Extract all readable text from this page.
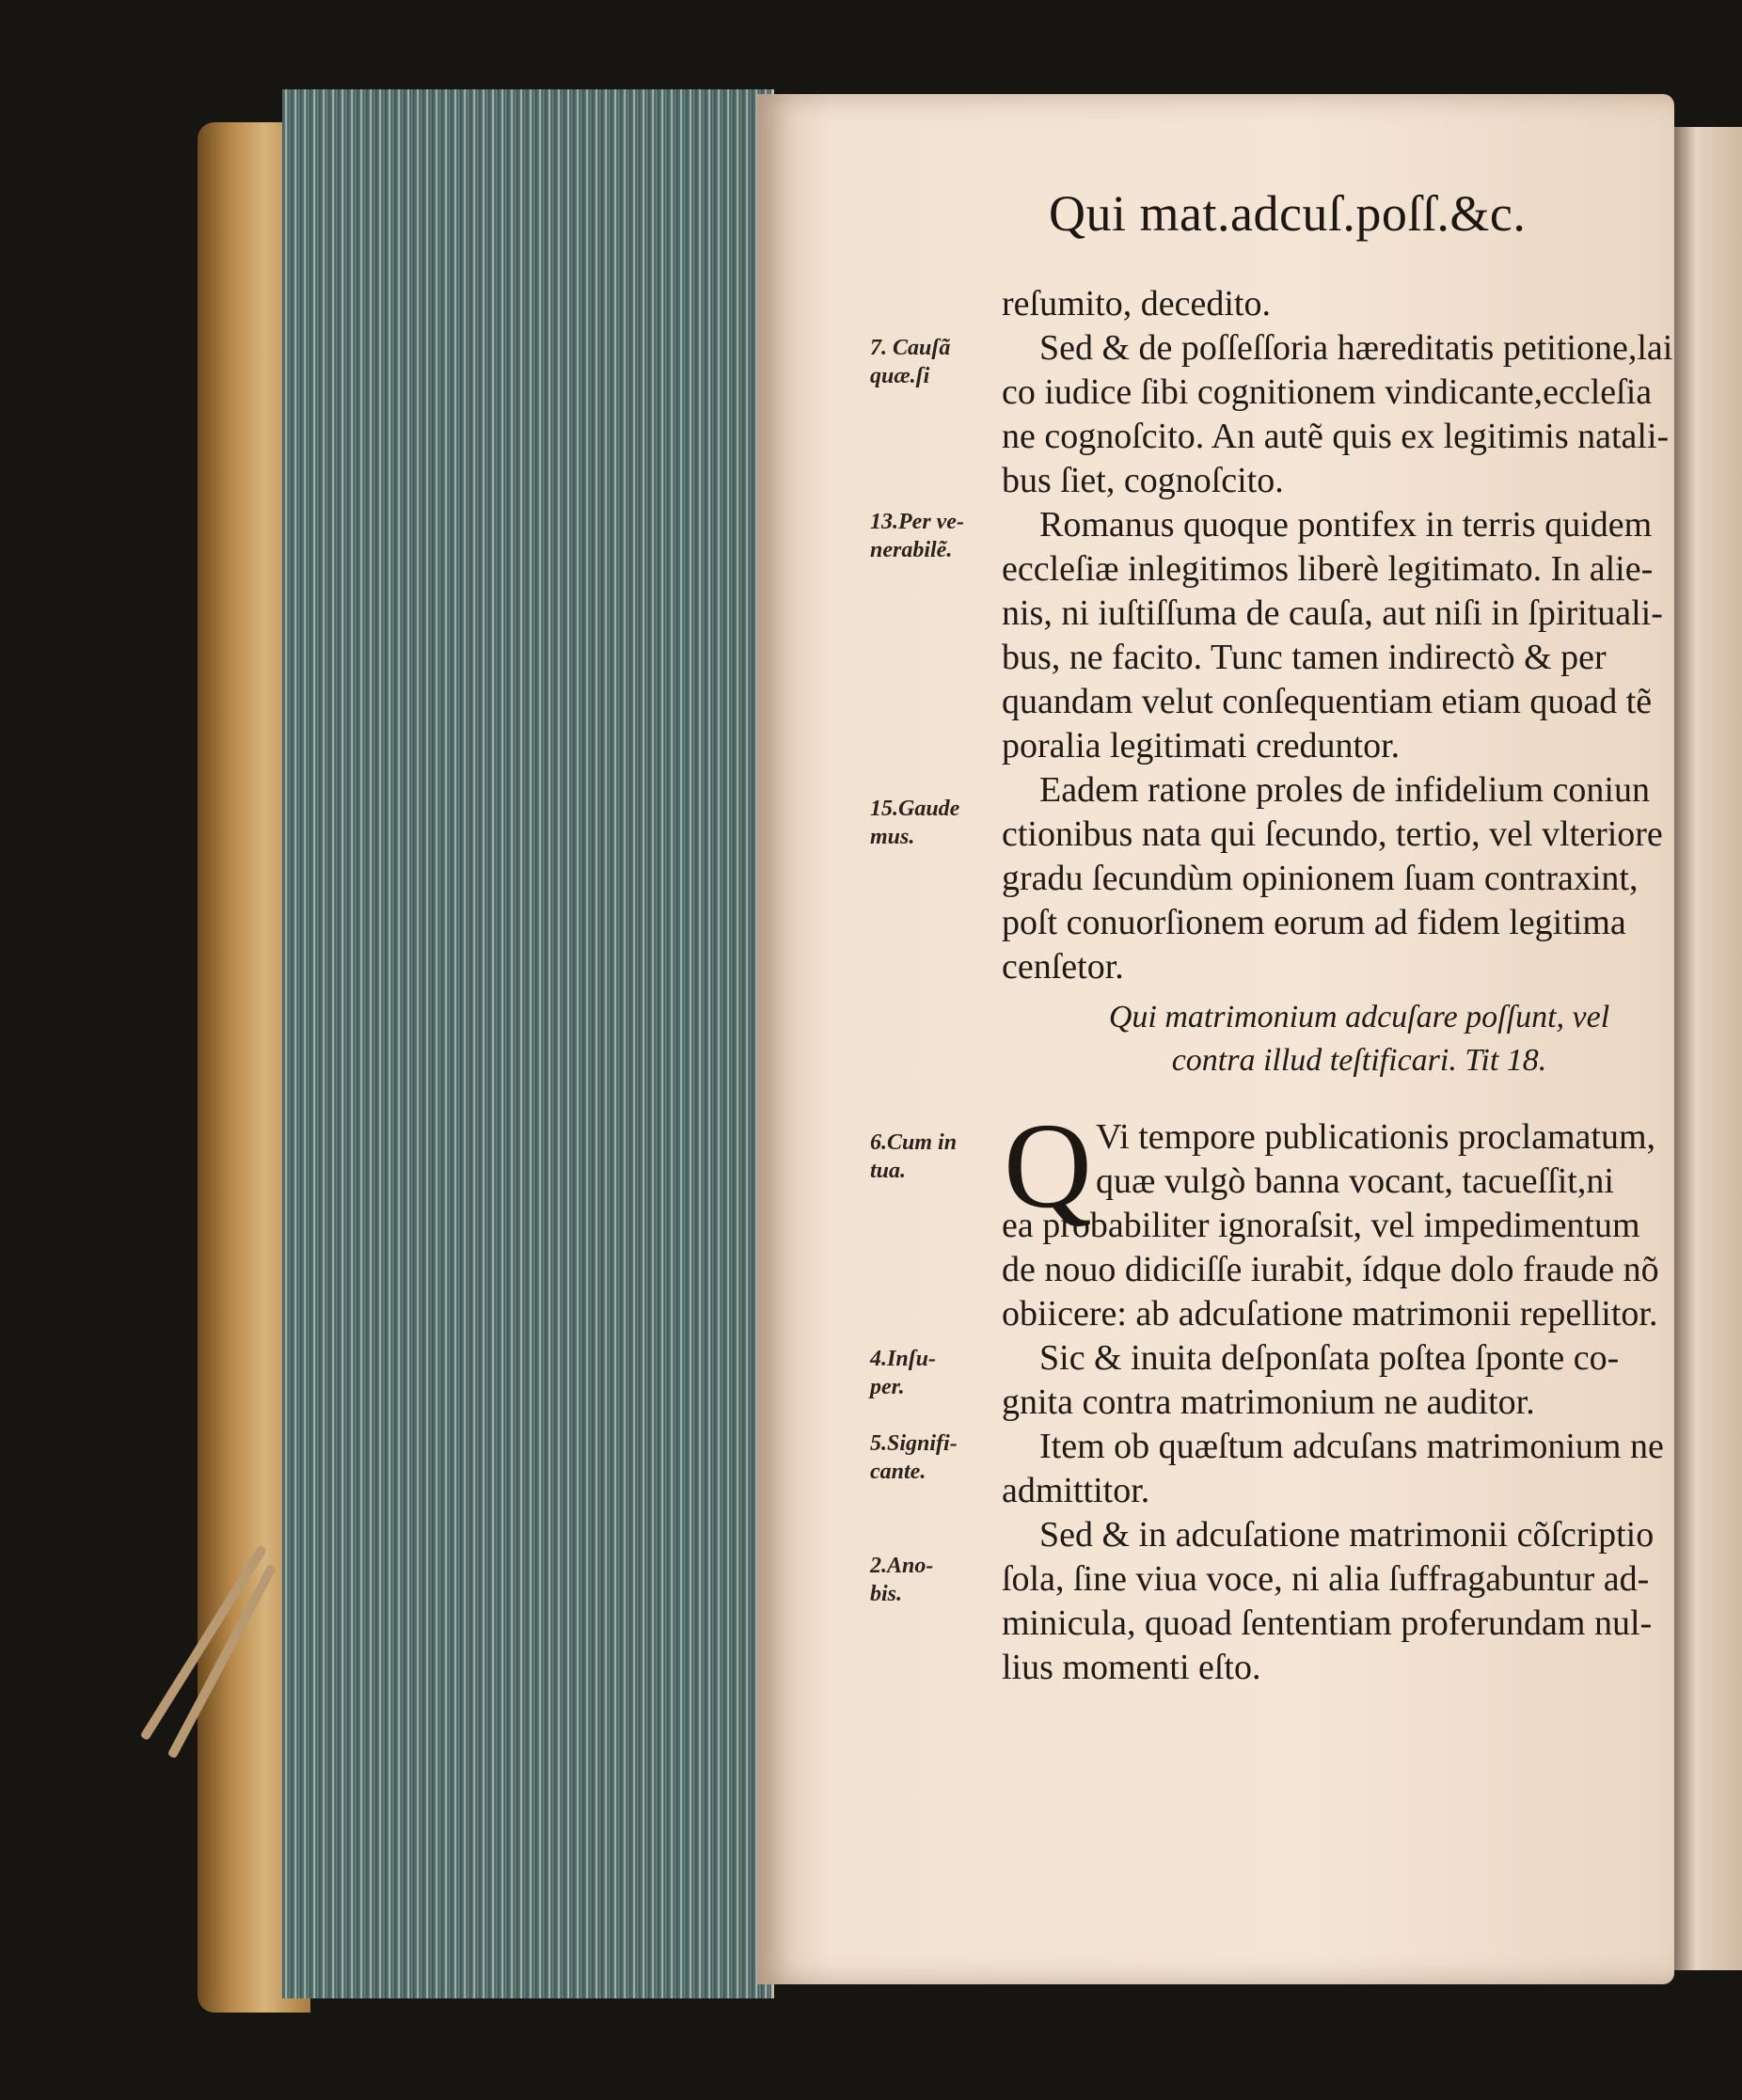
Qui mat.adcuſ.poſſ.&c.
reſumito, decedito.
Sed & de poſſeſſoria hæreditatis petitione,lai
co iudice ſibi cognitionem vindicante,eccleſia
ne cognoſcito. An autẽ quis ex legitimis natali-
bus ſiet, cognoſcito.
Romanus quoque pontifex in terris quidem
eccleſiæ inlegitimos liberè legitimato. In alie-
nis, ni iuſtiſſuma de cauſa, aut niſi in ſpirituali-
bus, ne facito. Tunc tamen indirectò & per
quandam velut conſequentiam etiam quoad tẽ
poralia legitimati creduntor.
Eadem ratione proles de infidelium coniun
ctionibus nata qui ſecundo, tertio, vel vlteriore
gradu ſecundùm opinionem ſuam contraxint,
poſt conuorſionem eorum ad fidem legitima
cenſetor.
Qui matrimonium adcuſare poſſunt, vel
contra illud teſtificari. Tit 18.
Q Vi tempore publicationis proclamatum,
quæ vulgò banna vocant, tacueſſit,ni
ea probabiliter ignoraſsit, vel impedimentum
de nouo didiciſſe iurabit, ídque dolo fraude nõ
obiicere: ab adcuſatione matrimonii repellitor.
Sic & inuita deſponſata poſtea ſponte co-
gnita contra matrimonium ne auditor.
Item ob quæſtum adcuſans matrimonium ne
admittitor.
Sed & in adcuſatione matrimonii cõſcriptio
ſola, ſine viua voce, ni alia ſuffragabuntur ad-
minicula, quoad ſententiam proferundam nul-
lius momenti eſto.
7. Cauſã
quæ.ſi
13.Per ve-
nerabilẽ.
15.Gaude
mus.
6.Cum in
tua.
4.Inſu-
per.
5.Signifi-
cante.
2.Ano-
bis.
